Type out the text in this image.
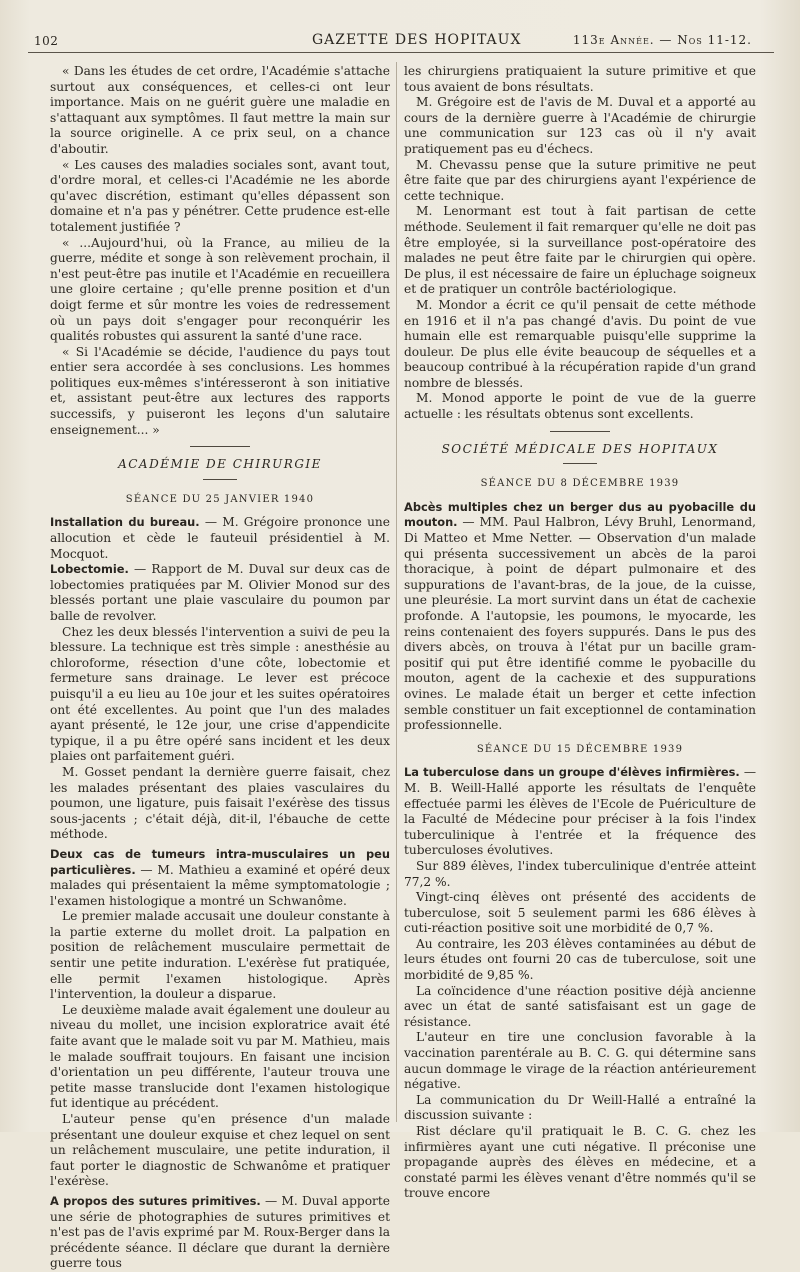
102	GAZETTE DES HOPITAUX	113e Année. — Nos 11-12.

« Dans les études de cet ordre, l'Académie s'attache surtout aux conséquences, et celles-ci ont leur importance. Mais on ne guérit guère une maladie en s'attaquant aux symptômes. Il faut mettre la main sur la source originelle. A ce prix seul, on a chance d'aboutir.

« Les causes des maladies sociales sont, avant tout, d'ordre moral, et celles-ci l'Académie ne les aborde qu'avec discrétion, estimant qu'elles dépassent son domaine et n'a pas y pénétrer. Cette prudence est-elle totalement justifiée ?

« ...Aujourd'hui, où la France, au milieu de la guerre, médite et songe à son relèvement prochain, il n'est peut-être pas inutile et l'Académie en recueillera une gloire certaine ; qu'elle prenne position et d'un doigt ferme et sûr montre les voies de redressement où un pays doit s'engager pour reconquérir les qualités robustes qui assurent la santé d'une race.

« Si l'Académie se décide, l'audience du pays tout entier sera accordée à ses conclusions. Les hommes politiques eux-mêmes s'intéresseront à son initiative et, assistant peut-être aux lectures des rapports successifs, y puiseront les leçons d'un salutaire enseignement... »

ACADÉMIE DE CHIRURGIE
SÉANCE DU 25 JANVIER 1940

Installation du bureau. — M. Grégoire prononce une allocution et cède le fauteuil présidentiel à M. Mocquot.

Lobectomie. — Rapport de M. Duval sur deux cas de lobectomies pratiquées par M. Olivier Monod sur des blessés portant une plaie vasculaire du poumon par balle de revolver.

Chez les deux blessés l'intervention a suivi de peu la blessure. La technique est très simple : anesthésie au chloroforme, résection d'une côte, lobectomie et fermeture sans drainage. Le lever est précoce puisqu'il a eu lieu au 10e jour et les suites opératoires ont été excellentes. Au point que l'un des malades ayant présenté, le 12e jour, une crise d'appendicite typique, il a pu être opéré sans incident et les deux plaies ont parfaitement guéri.

M. Gosset pendant la dernière guerre faisait, chez les malades présentant des plaies vasculaires du poumon, une ligature, puis faisait l'exérèse des tissus sous-jacents ; c'était déjà, dit-il, l'ébauche de cette méthode.

Deux cas de tumeurs intra-musculaires un peu particulières. — M. Mathieu a examiné et opéré deux malades qui présentaient la même symptomatologie ; l'examen histologique a montré un Schwanôme.

Le premier malade accusait une douleur constante à la partie externe du mollet droit. La palpation en position de relâchement musculaire permettait de sentir une petite induration. L'exérèse fut pratiquée, elle permit l'examen histologique. Après l'intervention, la douleur a disparue.

Le deuxième malade avait également une douleur au niveau du mollet, une incision exploratrice avait été faite avant que le malade soit vu par M. Mathieu, mais le malade souffrait toujours. En faisant une incision d'orientation un peu différente, l'auteur trouva une petite masse translucide dont l'examen histologique fut identique au précédent.

L'auteur pense qu'en présence d'un malade présentant une douleur exquise et chez lequel on sent un relâchement musculaire, une petite induration, il faut porter le diagnostic de Schwanôme et pratiquer l'exérèse.

A propos des sutures primitives. — M. Duval apporte une série de photographies de sutures primitives et n'est pas de l'avis exprimé par M. Roux-Berger dans la précédente séance. Il déclare que durant la dernière guerre tous

les chirurgiens pratiquaient la suture primitive et que tous avaient de bons résultats.

M. Grégoire est de l'avis de M. Duval et a apporté au cours de la dernière guerre à l'Académie de chirurgie une communication sur 123 cas où il n'y avait pratiquement pas eu d'échecs.

M. Chevassu pense que la suture primitive ne peut être faite que par des chirurgiens ayant l'expérience de cette technique.

M. Lenormant est tout à fait partisan de cette méthode. Seulement il fait remarquer qu'elle ne doit pas être employée, si la surveillance post-opératoire des malades ne peut être faite par le chirurgien qui opère. De plus, il est nécessaire de faire un épluchage soigneux et de pratiquer un contrôle bactériologique.

M. Mondor a écrit ce qu'il pensait de cette méthode en 1916 et il n'a pas changé d'avis. Du point de vue humain elle est remarquable puisqu'elle supprime la douleur. De plus elle évite beaucoup de séquelles et a beaucoup contribué à la récupération rapide d'un grand nombre de blessés.

M. Monod apporte le point de vue de la guerre actuelle : les résultats obtenus sont excellents.

SOCIÉTÉ MÉDICALE DES HOPITAUX
SÉANCE DU 8 DÉCEMBRE 1939

Abcès multiples chez un berger dus au pyobacille du mouton. — MM. Paul Halbron, Lévy Bruhl, Lenormand, Di Matteo et Mme Netter. — Observation d'un malade qui présenta successivement un abcès de la paroi thoracique, à point de départ pulmonaire et des suppurations de l'avant-bras, de la joue, de la cuisse, une pleurésie. La mort survint dans un état de cachexie profonde. A l'autopsie, les poumons, le myocarde, les reins contenaient des foyers suppurés. Dans le pus des divers abcès, on trouva à l'état pur un bacille gram-positif qui put être identifié comme le pyobacille du mouton, agent de la cachexie et des suppurations ovines. Le malade était un berger et cette infection semble constituer un fait exceptionnel de contamination professionnelle.

SÉANCE DU 15 DÉCEMBRE 1939

La tuberculose dans un groupe d'élèves infirmières. — M. B. Weill-Hallé apporte les résultats de l'enquête effectuée parmi les élèves de l'Ecole de Puériculture de la Faculté de Médecine pour préciser à la fois l'index tuberculinique à l'entrée et la fréquence des tuberculoses évolutives.

Sur 889 élèves, l'index tuberculinique d'entrée atteint 77,2 %.

Vingt-cinq élèves ont présenté des accidents de tuberculose, soit 5 seulement parmi les 686 élèves à cuti-réaction positive soit une morbidité de 0,7 %.

Au contraire, les 203 élèves contaminées au début de leurs études ont fourni 20 cas de tuberculose, soit une morbidité de 9,85 %.

La coïncidence d'une réaction positive déjà ancienne avec un état de santé satisfaisant est un gage de résistance.

L'auteur en tire une conclusion favorable à la vaccination parentérale au B. C. G. qui détermine sans aucun dommage le virage de la réaction antérieurement négative.

La communication du Dr Weill-Hallé a entraîné la discussion suivante :

Rist déclare qu'il pratiquait le B. C. G. chez les infirmières ayant une cuti négative. Il préconise une propagande auprès des élèves en médecine, et a constaté parmi les élèves venant d'être nommés qu'il se trouve encore
